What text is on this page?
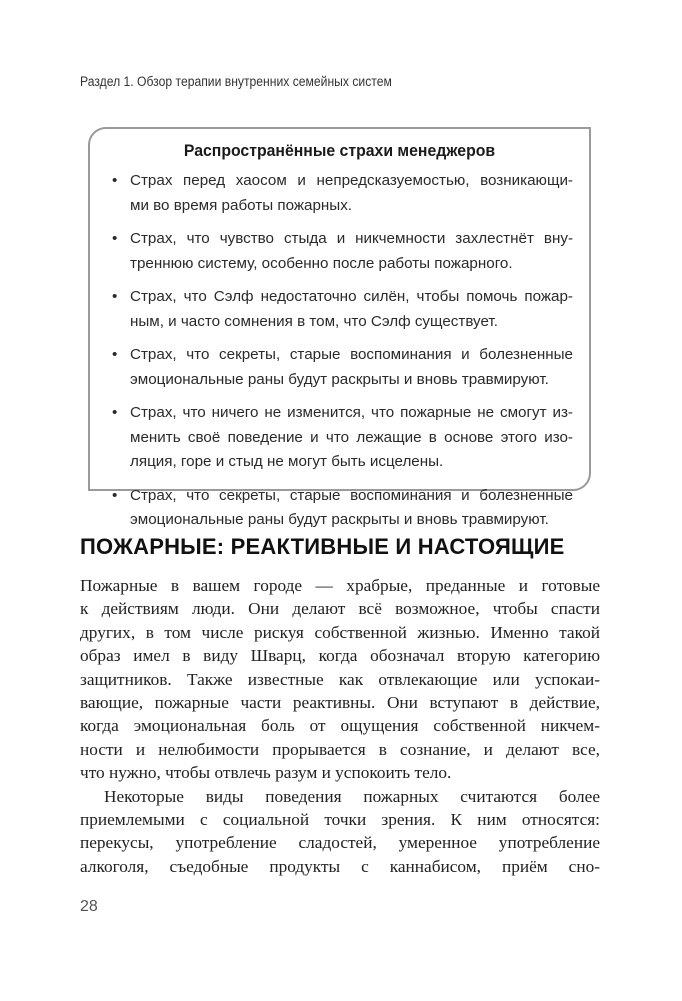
Раздел 1. Обзор терапии внутренних семейных систем
Распространённые страхи менеджеров
• Страх перед хаосом и непредсказуемостью, возникающи-
ми во время работы пожарных.
• Страх, что чувство стыда и никчемности захлестнёт вну-
треннюю систему, особенно после работы пожарного.
• Страх, что Сэлф недостаточно силён, чтобы помочь пожар-
ным, и часто сомнения в том, что Сэлф существует.
• Страх, что секреты, старые воспоминания и болезненные
эмоциональные раны будут раскрыты и вновь травмируют.
• Страх, что ничего не изменится, что пожарные не смогут из-
менить своё поведение и что лежащие в основе этого изо-
ляция, горе и стыд не могут быть исцелены.
• Страх, что секреты, старые воспоминания и болезненные
эмоциональные раны будут раскрыты и вновь травмируют.
ПОЖАРНЫЕ: РЕАКТИВНЫЕ И НАСТОЯЩИЕ
Пожарные в вашем городе — храбрые, преданные и готовые
к действиям люди. Они делают всё возможное, чтобы спасти
других, в том числе рискуя собственной жизнью. Именно такой
образ имел в виду Шварц, когда обозначал вторую категорию
защитников. Также известные как отвлекающие или успокаи-
вающие, пожарные части реактивны. Они вступают в действие,
когда эмоциональная боль от ощущения собственной никчем-
ности и нелюбимости прорывается в сознание, и делают все,
что нужно, чтобы отвлечь разум и успокоить тело.
Некоторые виды поведения пожарных считаются более
приемлемыми с социальной точки зрения. К ним относятся:
перекусы, употребление сладостей, умеренное употребление
алкоголя, съедобные продукты с каннабисом, приём сно-
28
